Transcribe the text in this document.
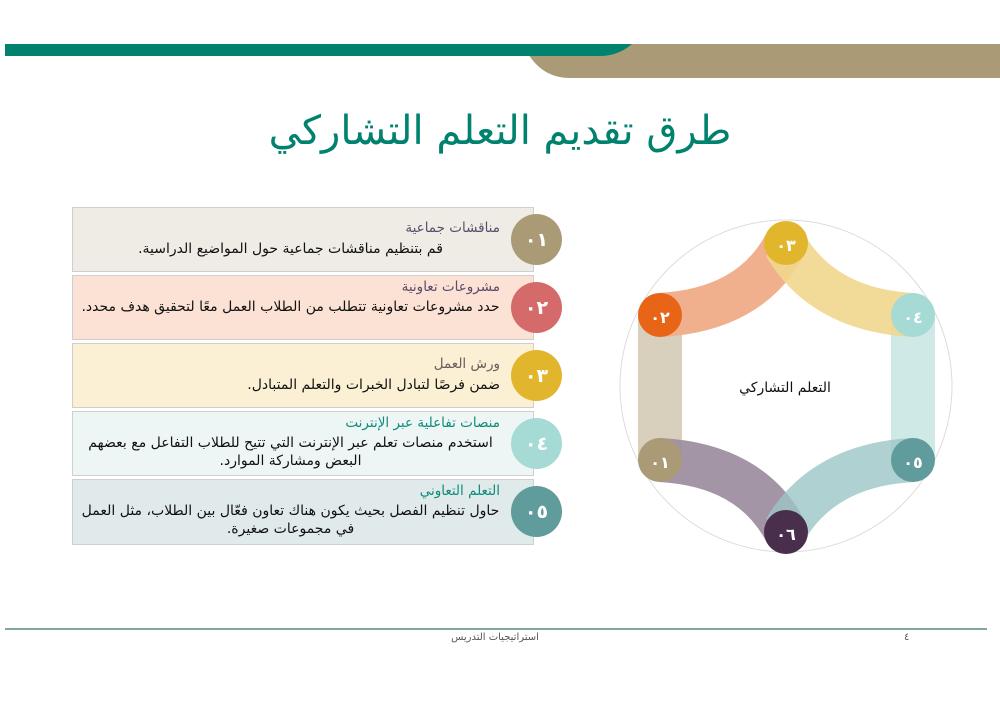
طرق تقديم التعلم التشاركي
مناقشات جماعية
قم بتنظيم مناقشات جماعية حول المواضيع الدراسية.
مشروعات تعاونية
حدد مشروعات تعاونية تتطلب من الطلاب العمل معًا لتحقيق هدف محدد.
ورش العمل
ضمن فرصًا لتبادل الخبرات والتعلم المتبادل.
منصات تفاعلية عبر الإنترنت
استخدم منصات تعلم عبر الإنترنت التي تتيح للطلاب التفاعل مع بعضهم البعض ومشاركة الموارد.
التعلم التعاوني
حاول تنظيم الفصل بحيث يكون هناك تعاون فعّال بين الطلاب، مثل العمل في مجموعات صغيرة.
٠١
٠٢
٠٣
٠٤
٠٥
٠١
٠٢
٠٣
٠٤
٠٥
٠٦
التعلم التشاركي
استراتيجيات التدريس	٤
